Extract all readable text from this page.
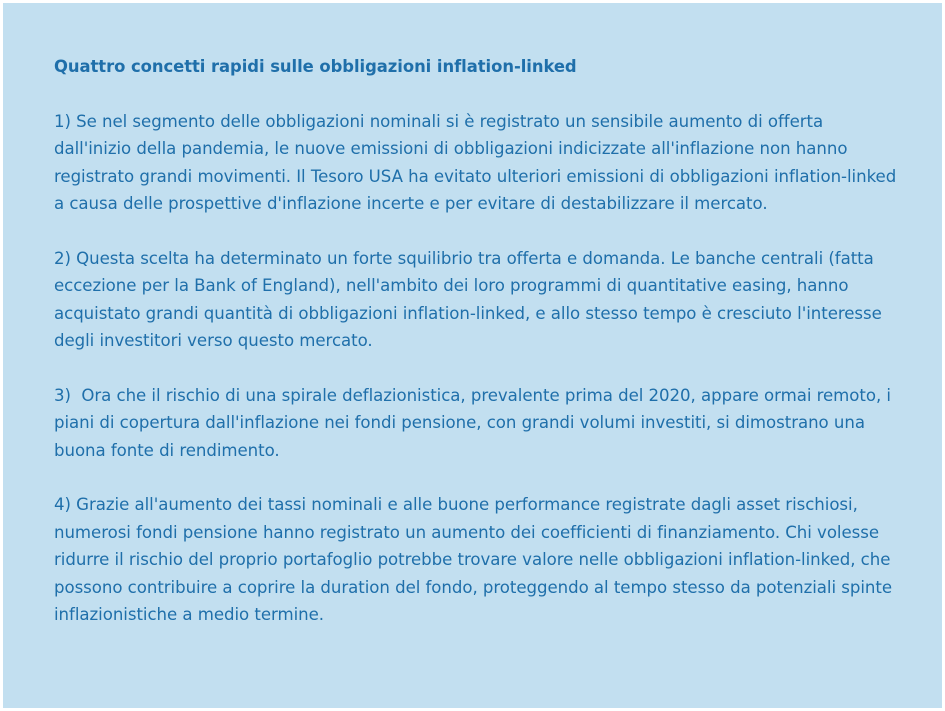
Quattro concetti rapidi sulle obbligazioni inflation-linked

1) Se nel segmento delle obbligazioni nominali si è registrato un sensibile aumento di offerta dall'inizio della pandemia, le nuove emissioni di obbligazioni indicizzate all'inflazione non hanno registrato grandi movimenti. Il Tesoro USA ha evitato ulteriori emissioni di obbligazioni inflation-linked a causa delle prospettive d'inflazione incerte e per evitare di destabilizzare il mercato.

2) Questa scelta ha determinato un forte squilibrio tra offerta e domanda. Le banche centrali (fatta eccezione per la Bank of England), nell'ambito dei loro programmi di quantitative easing, hanno acquistato grandi quantità di obbligazioni inflation-linked, e allo stesso tempo è cresciuto l'interesse degli investitori verso questo mercato.

3)  Ora che il rischio di una spirale deflazionistica, prevalente prima del 2020, appare ormai remoto, i piani di copertura dall'inflazione nei fondi pensione, con grandi volumi investiti, si dimostrano una buona fonte di rendimento.

4) Grazie all'aumento dei tassi nominali e alle buone performance registrate dagli asset rischiosi, numerosi fondi pensione hanno registrato un aumento dei coefficienti di finanziamento. Chi volesse ridurre il rischio del proprio portafoglio potrebbe trovare valore nelle obbligazioni inflation-linked, che possono contribuire a coprire la duration del fondo, proteggendo al tempo stesso da potenziali spinte inflazionistiche a medio termine.
